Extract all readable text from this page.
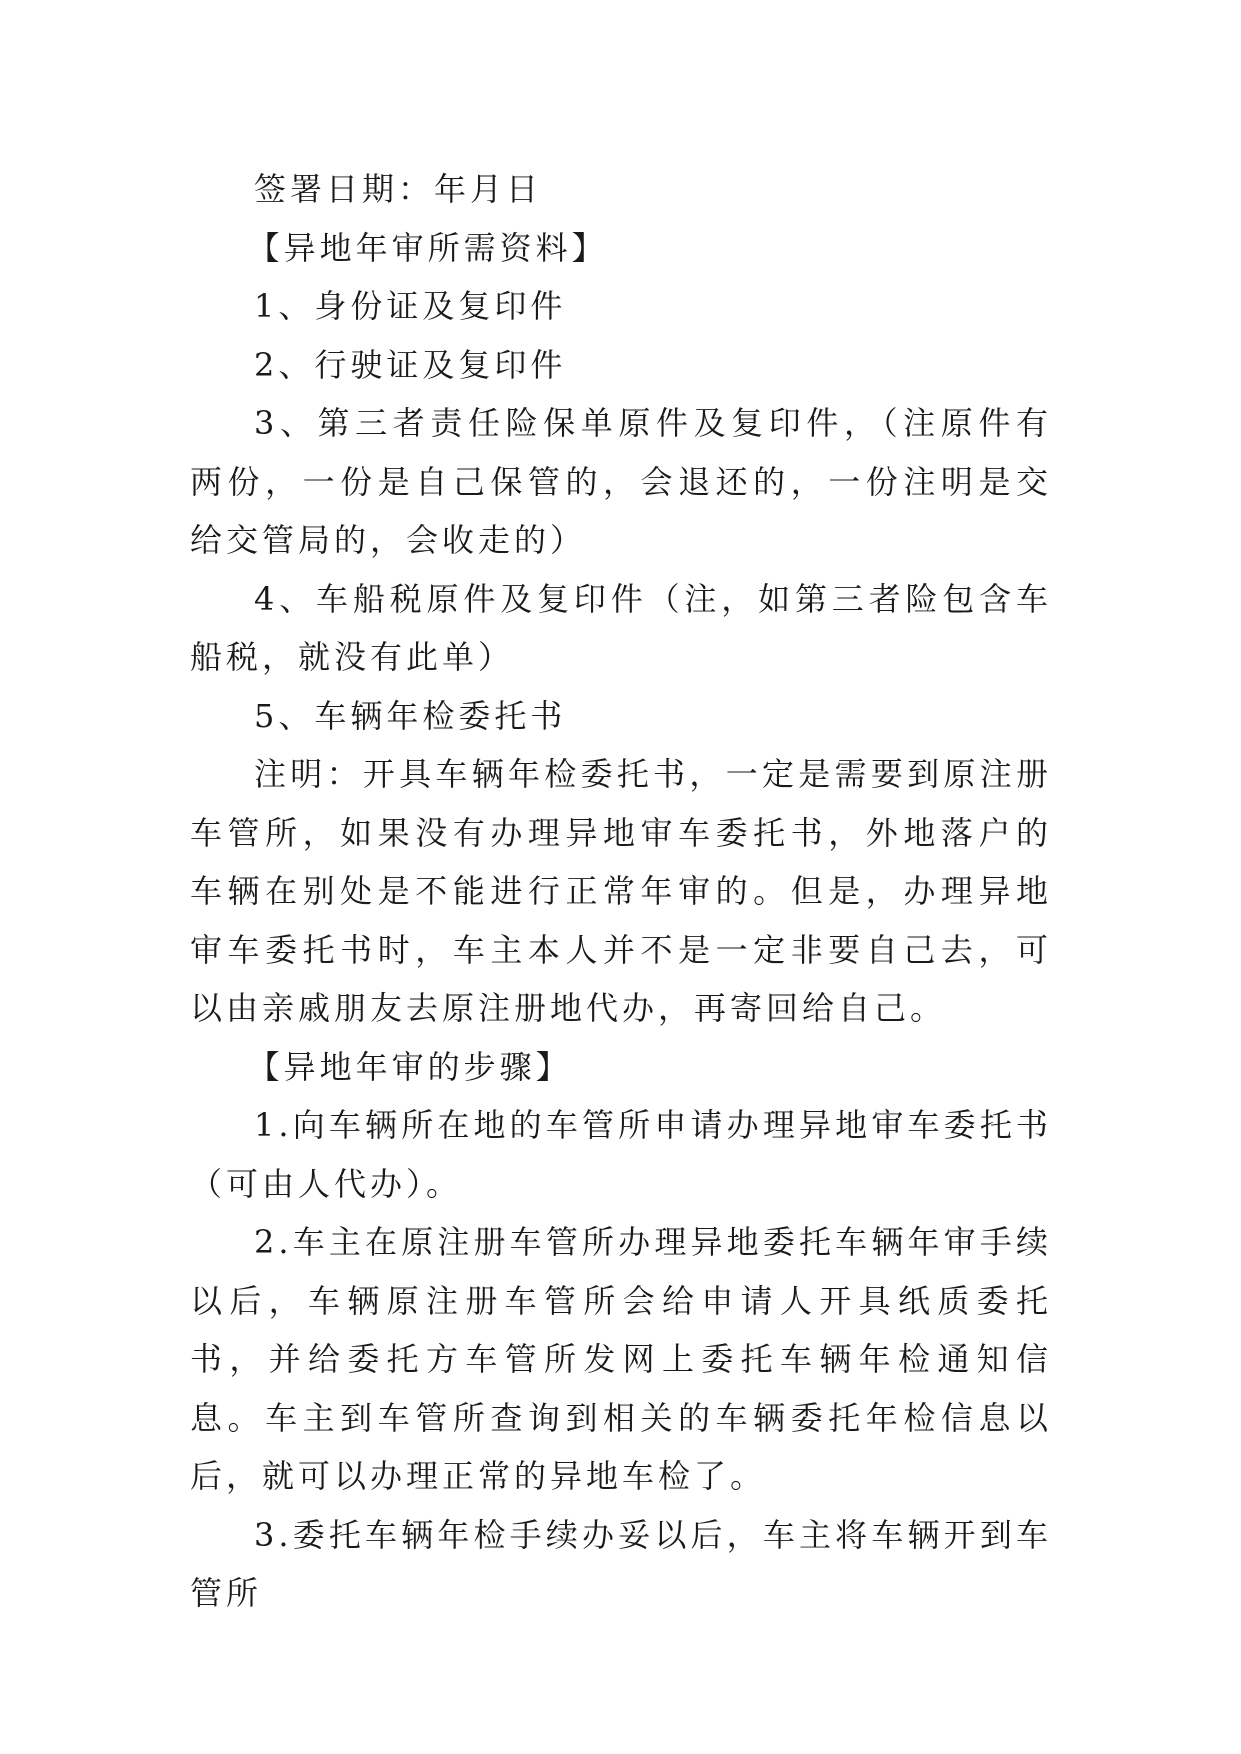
签署日期：年月日

【异地年审所需资料】

1、身份证及复印件

2、行驶证及复印件

3、第三者责任险保单原件及复印件，（注原件有两份，一份是自己保管的，会退还的，一份注明是交给交管局的，会收走的）

4、车船税原件及复印件（注，如第三者险包含车船税，就没有此单）

5、车辆年检委托书

注明：开具车辆年检委托书，一定是需要到原注册车管所，如果没有办理异地审车委托书，外地落户的车辆在别处是不能进行正常年审的。但是，办理异地审车委托书时，车主本人并不是一定非要自己去，可以由亲戚朋友去原注册地代办，再寄回给自己。

【异地年审的步骤】

1.向车辆所在地的车管所申请办理异地审车委托书（可由人代办）。

2.车主在原注册车管所办理异地委托车辆年审手续以后，车辆原注册车管所会给申请人开具纸质委托书，并给委托方车管所发网上委托车辆年检通知信息。车主到车管所查询到相关的车辆委托年检信息以后，就可以办理正常的异地车检了。

3.委托车辆年检手续办妥以后，车主将车辆开到车管所
